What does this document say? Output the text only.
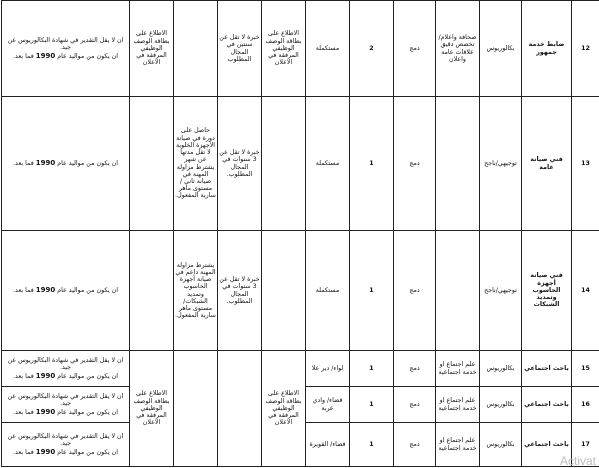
12	ضابط خدمة جمهور	بكالوريوس	صحافة واعلام/ تخصص دقيق علاقات عامة واعلان	دمج	2	مستكملة	الاطلاع على بطاقة الوصف الوظيفي المرفقة في الاعلان	خبرة لا تقل عن سنتين في المجال المطلوب		الاطلاع على بطاقة الوصف الوظيفي المرفقة في الاعلان	ان لا يقل التقدير في شهادة البكالوريوس عن جيد.
ان يكون من مواليد عام 1990 فما بعد.

13	فني صيانة عامة	توجيهي/ناجح		دمج	1	مستكملة		خبرة لا تقل عن 3 سنوات في المجال المطلوب.	حاصل على دورة في صيانة الأجهزة الخلوية لا تقل مدتها عن شهر يشترط مزاولة المهنة في صيانة ثاني /مستوى ماهر سارية المفعول.		ان يكون من مواليد عام 1990 فما بعد.

14	فني صيانة أجهزة الحاسوب وتمديد الشبكات	توجيهي/ناجح		دمج	1	مستكملة		خبرة لا تقل عن 3 سنوات في المجال المطلوب.	يشترط مزاولة المهنة داعم في صيانة أجهزة الحاسوب وتمديد الشبكات/ مستوى ماهر سارية المفعول.		ان يكون من مواليد عام 1990 فما بعد.

15	باحث اجتماعي	بكالوريوس	علم اجتماع او خدمة اجتماعية	دمج	1	لواء/ دير علا	الاطلاع على بطاقة الوصف الوظيفي المرفقة في الاعلان			الاطلاع على بطاقة الوصف الوظيفي المرفقة في الاعلان	ان لا يقل التقدير في شهادة البكالوريوس عن جيد.
ان يكون من مواليد عام 1990 فما بعد.

16	باحث اجتماعي	بكالوريوس	علم اجتماع او خدمة اجتماعية	دمج	1	قضاء/ وادي عربة					ان لا يقل التقدير في شهادة البكالوريوس عن جيد.
ان يكون من مواليد عام 1990 فما بعد.

17	باحث اجتماعي	بكالوريوس	علم اجتماع او خدمة اجتماعية	دمج	1	قضاء/ القويرة					ان لا يقل التقدير في شهادة البكالوريوس عن جيد.
ان يكون من مواليد عام 1990 فما بعد.
Activat
